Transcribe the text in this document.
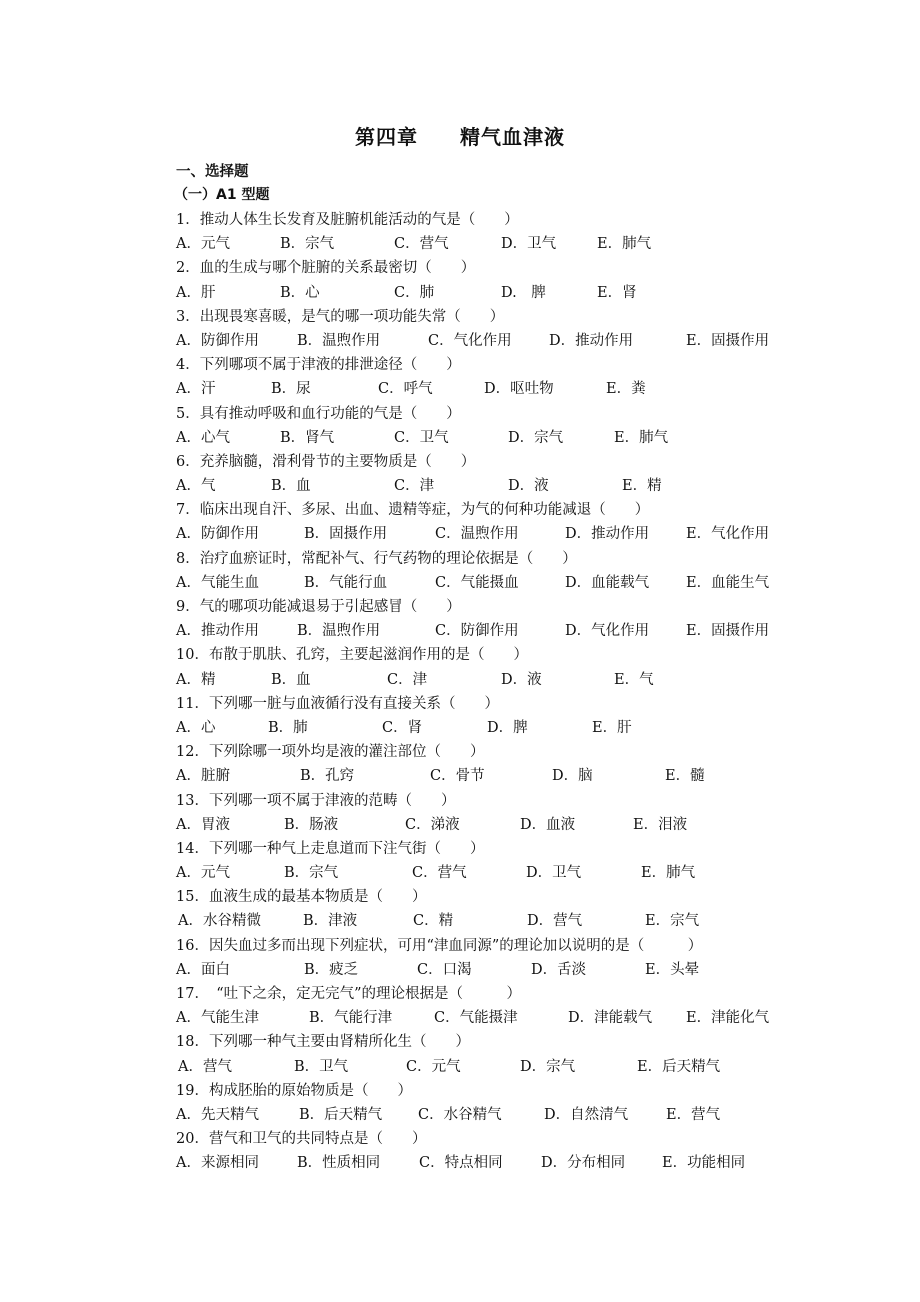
第四章　　精气血津液
一、选择题
（一）A1 型题
1．推动人体生长发育及脏腑机能活动的气是（　　）
A．元气	B．宗气	C．营气	D．卫气	E．肺气
2．血的生成与哪个脏腑的关系最密切（　　）
A．肝	B．心	C．肺	D.　脾	E．肾
3．出现畏寒喜暖，是气的哪一项功能失常（　　）
A．防御作用	B．温煦作用	C．气化作用	D．推动作用	E．固摄作用
4．下列哪项不属于津液的排泄途径（　　）
A．汗	B．尿	C．呼气	D．呕吐物	E．粪
5．具有推动呼吸和血行功能的气是（　　）
A．心气	B．肾气	C．卫气	D．宗气	E．肺气
6．充养脑髓，滑利骨节的主要物质是（　　）
A．气	B．血	C．津	D．液	E．精
7．临床出现自汗、多尿、出血、遗精等症，为气的何种功能减退（　　）
A．防御作用	B．固摄作用	C．温煦作用	D．推动作用	E．气化作用
8．治疗血瘀证时，常配补气、行气药物的理论依据是（　　）
A．气能生血	B．气能行血	C．气能摄血	D．血能载气	E．血能生气
9．气的哪项功能减退易于引起感冒（　　）
A．推动作用	B．温煦作用	C．防御作用	D．气化作用	E．固摄作用
10．布散于肌肤、孔窍，主要起滋润作用的是（　　）
A．精	B．血	C．津	D．液	E．气
11．下列哪一脏与血液循行没有直接关系（　　）
A．心	B．肺	C．肾	D．脾	E．肝
12．下列除哪一项外均是液的灌注部位（　　）
A．脏腑	B．孔窍	C．骨节	D．脑	E．髓
13．下列哪一项不属于津液的范畴（　　）
A．胃液	B．肠液	C．涕液	D．血液	E．泪液
14．下列哪一种气上走息道而下注气街（　　）
A．元气	B．宗气	C．营气	D．卫气	E．肺气
15．血液生成的最基本物质是（　　）
A．水谷精微	B．津液	C．精	D．营气	E．宗气
16．因失血过多而出现下列症状，可用“津血同源”的理论加以说明的是（　　　）
A．面白	B．疲乏	C．口渴	D．舌淡	E．头晕
17．　“吐下之余，定无完气”的理论根据是（　　　）
A．气能生津	B．气能行津	C．气能摄津	D．津能载气 E．津能化气
18．下列哪一种气主要由肾精所化生（　　）
A．营气	B．卫气	C．元气	D．宗气	E．后天精气
19．构成胚胎的原始物质是（　　）
A．先天精气	B．后天精气 C．水谷精气	D．自然清气	E．营气
20．营气和卫气的共同特点是（　　）
A．来源相同	B．性质相同	C．特点相同	D．分布相同	E．功能相同
